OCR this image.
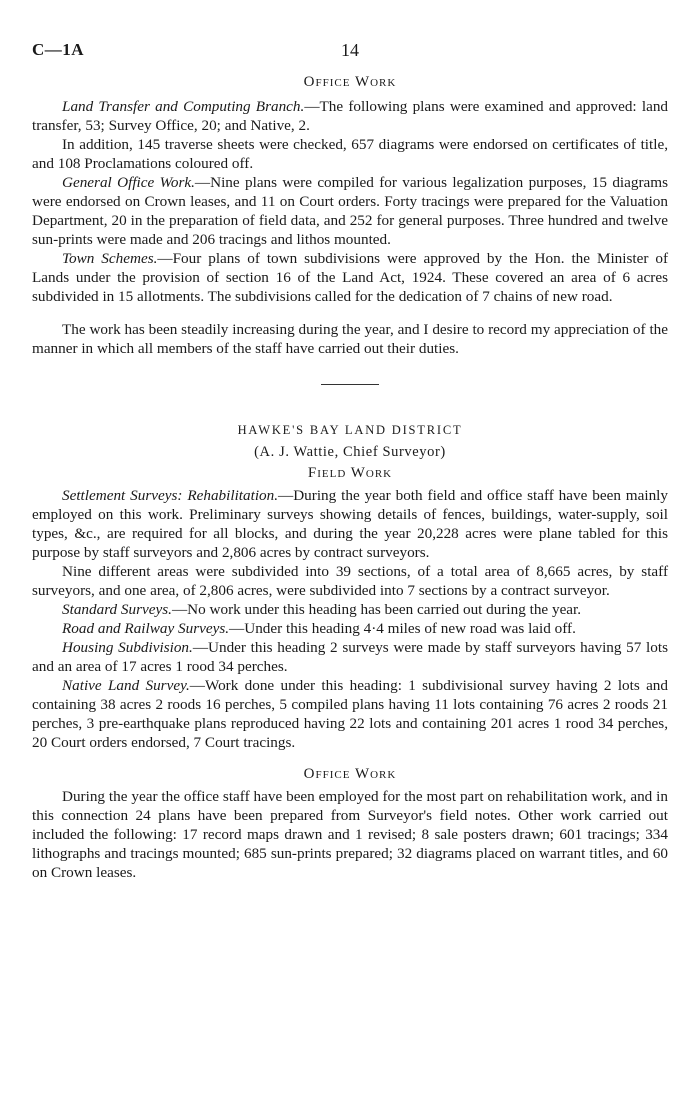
C—1A	14
Office Work

Land Transfer and Computing Branch.—The following plans were examined and approved: land transfer, 53; Survey Office, 20; and Native, 2.

In addition, 145 traverse sheets were checked, 657 diagrams were endorsed on certificates of title, and 108 Proclamations coloured off.

General Office Work.—Nine plans were compiled for various legalization purposes, 15 diagrams were endorsed on Crown leases, and 11 on Court orders. Forty tracings were prepared for the Valuation Department, 20 in the preparation of field data, and 252 for general purposes. Three hundred and twelve sun-prints were made and 206 tracings and lithos mounted.

Town Schemes.—Four plans of town subdivisions were approved by the Hon. the Minister of Lands under the provision of section 16 of the Land Act, 1924. These covered an area of 6 acres subdivided in 15 allotments. The subdivisions called for the dedication of 7 chains of new road.

The work has been steadily increasing during the year, and I desire to record my appreciation of the manner in which all members of the staff have carried out their duties.

HAWKE'S BAY LAND DISTRICT
(A. J. Wattie, Chief Surveyor)
Field Work

Settlement Surveys: Rehabilitation.—During the year both field and office staff have been mainly employed on this work. Preliminary surveys showing details of fences, buildings, water-supply, soil types, &c., are required for all blocks, and during the year 20,228 acres were plane tabled for this purpose by staff surveyors and 2,806 acres by contract surveyors.

Nine different areas were subdivided into 39 sections, of a total area of 8,665 acres, by staff surveyors, and one area, of 2,806 acres, were subdivided into 7 sections by a contract surveyor.

Standard Surveys.—No work under this heading has been carried out during the year.

Road and Railway Surveys.—Under this heading 4·4 miles of new road was laid off.

Housing Subdivision.—Under this heading 2 surveys were made by staff surveyors having 57 lots and an area of 17 acres 1 rood 34 perches.

Native Land Survey.—Work done under this heading: 1 subdivisional survey having 2 lots and containing 38 acres 2 roods 16 perches, 5 compiled plans having 11 lots containing 76 acres 2 roods 21 perches, 3 pre-earthquake plans reproduced having 22 lots and containing 201 acres 1 rood 34 perches, 20 Court orders endorsed, 7 Court tracings.

Office Work

During the year the office staff have been employed for the most part on rehabilitation work, and in this connection 24 plans have been prepared from Surveyor's field notes. Other work carried out included the following: 17 record maps drawn and 1 revised; 8 sale posters drawn; 601 tracings; 334 lithographs and tracings mounted; 685 sun-prints prepared; 32 diagrams placed on warrant titles, and 60 on Crown leases.
